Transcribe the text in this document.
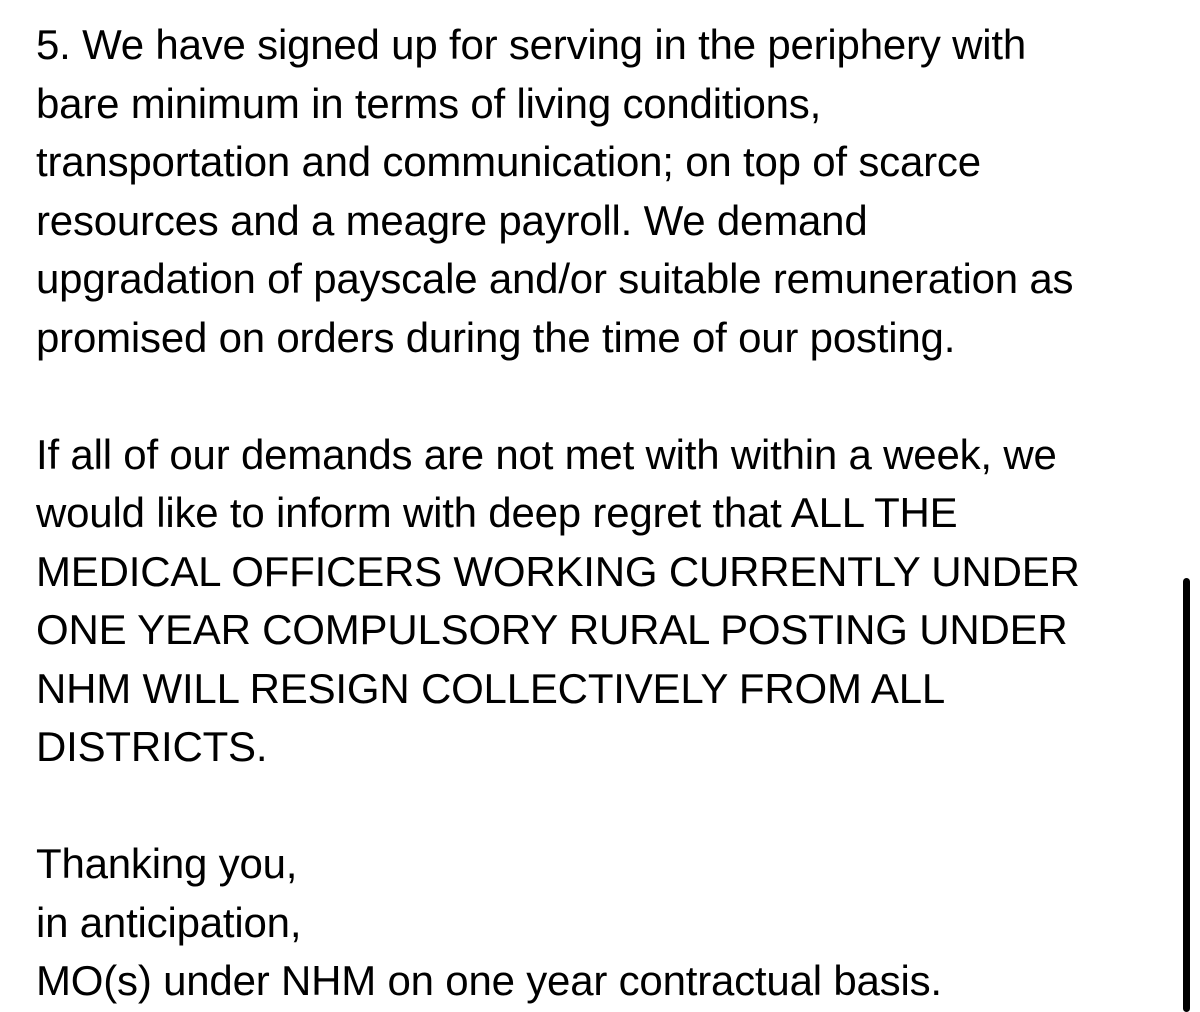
5. We have signed up for serving in the periphery with
bare minimum in terms of living conditions,
transportation and communication; on top of scarce
resources and a meagre payroll. We demand
upgradation of payscale and/or suitable remuneration as
promised on orders during the time of our posting.
If all of our demands are not met with within a week, we
would like to inform with deep regret that ALL THE
MEDICAL OFFICERS WORKING CURRENTLY UNDER
ONE YEAR COMPULSORY RURAL POSTING UNDER
NHM WILL RESIGN COLLECTIVELY FROM ALL
DISTRICTS.
Thanking you,
in anticipation,
MO(s) under NHM on one year contractual basis.
